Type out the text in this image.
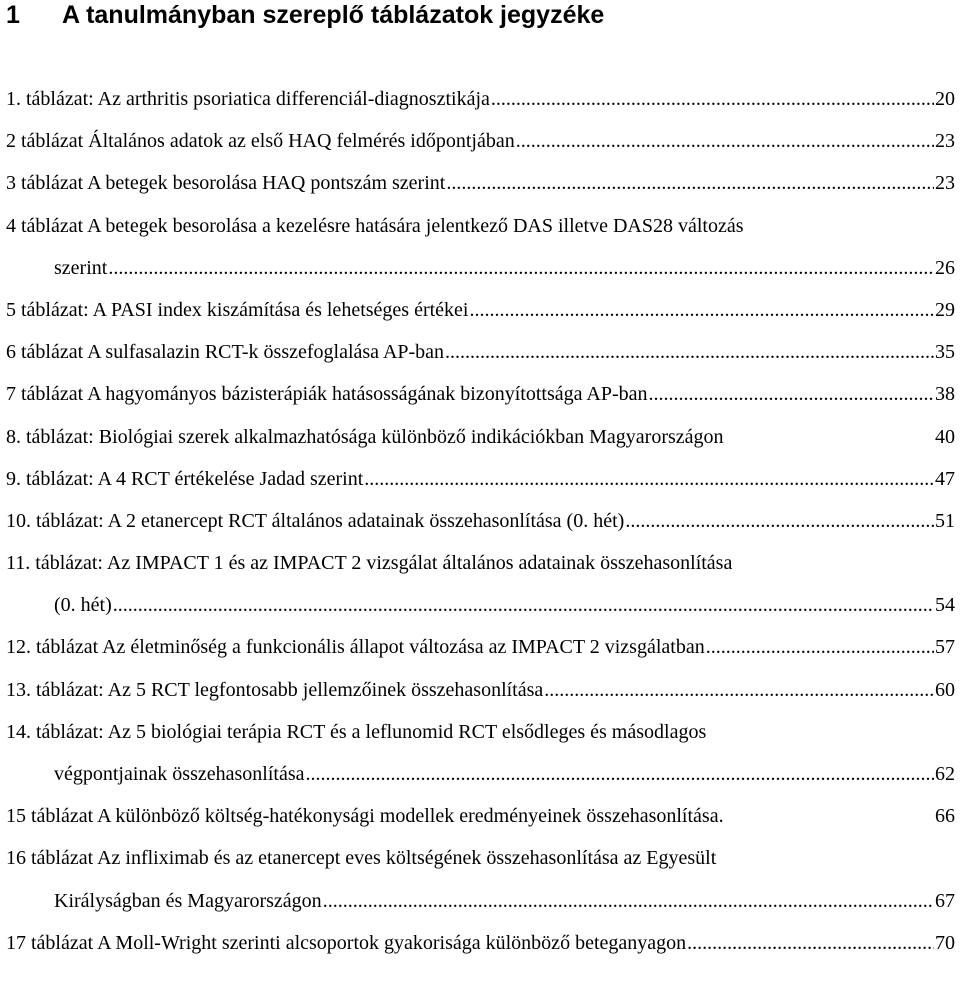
1 A tanulmányban szereplő táblázatok jegyzéke
1. táblázat: Az arthritis psoriatica differenciál-diagnosztikája .....	20
2 táblázat Általános adatok az első HAQ felmérés időpontjában .....	23
3 táblázat A betegek besorolása HAQ pontszám szerint .....	23
4 táblázat A betegek besorolása a kezelésre hatására jelentkező DAS illetve DAS28 változás
szerint .....	26
5 táblázat: A PASI index kiszámítása és lehetséges értékei .....	29
6 táblázat A sulfasalazin RCT-k összefoglalása AP-ban .....	35
7 táblázat A hagyományos bázisterápiák hatásosságának bizonyítottsága AP-ban .....	38
8. táblázat: Biológiai szerek alkalmazhatósága különböző indikációkban Magyarországon	40
9. táblázat: A 4 RCT értékelése Jadad szerint .....	47
10. táblázat: A 2 etanercept RCT általános adatainak összehasonlítása (0. hét) .....	51
11. táblázat: Az IMPACT 1 és az IMPACT 2 vizsgálat általános adatainak összehasonlítása
(0. hét) .....	54
12. táblázat Az életminőség a funkcionális állapot változása az IMPACT 2 vizsgálatban .....	57
13. táblázat: Az 5 RCT legfontosabb jellemzőinek összehasonlítása .....	60
14. táblázat: Az 5 biológiai terápia RCT és a leflunomid RCT elsődleges és másodlagos
végpontjainak összehasonlítása .....	62
15 táblázat A különböző költség-hatékonysági modellek eredményeinek összehasonlítása.	66
16 táblázat Az infliximab és az etanercept eves költségének összehasonlítása az Egyesült
Királyságban és Magyarországon .....	67
17 táblázat A Moll-Wright szerinti alcsoportok gyakorisága különböző beteganyagon .....	70
